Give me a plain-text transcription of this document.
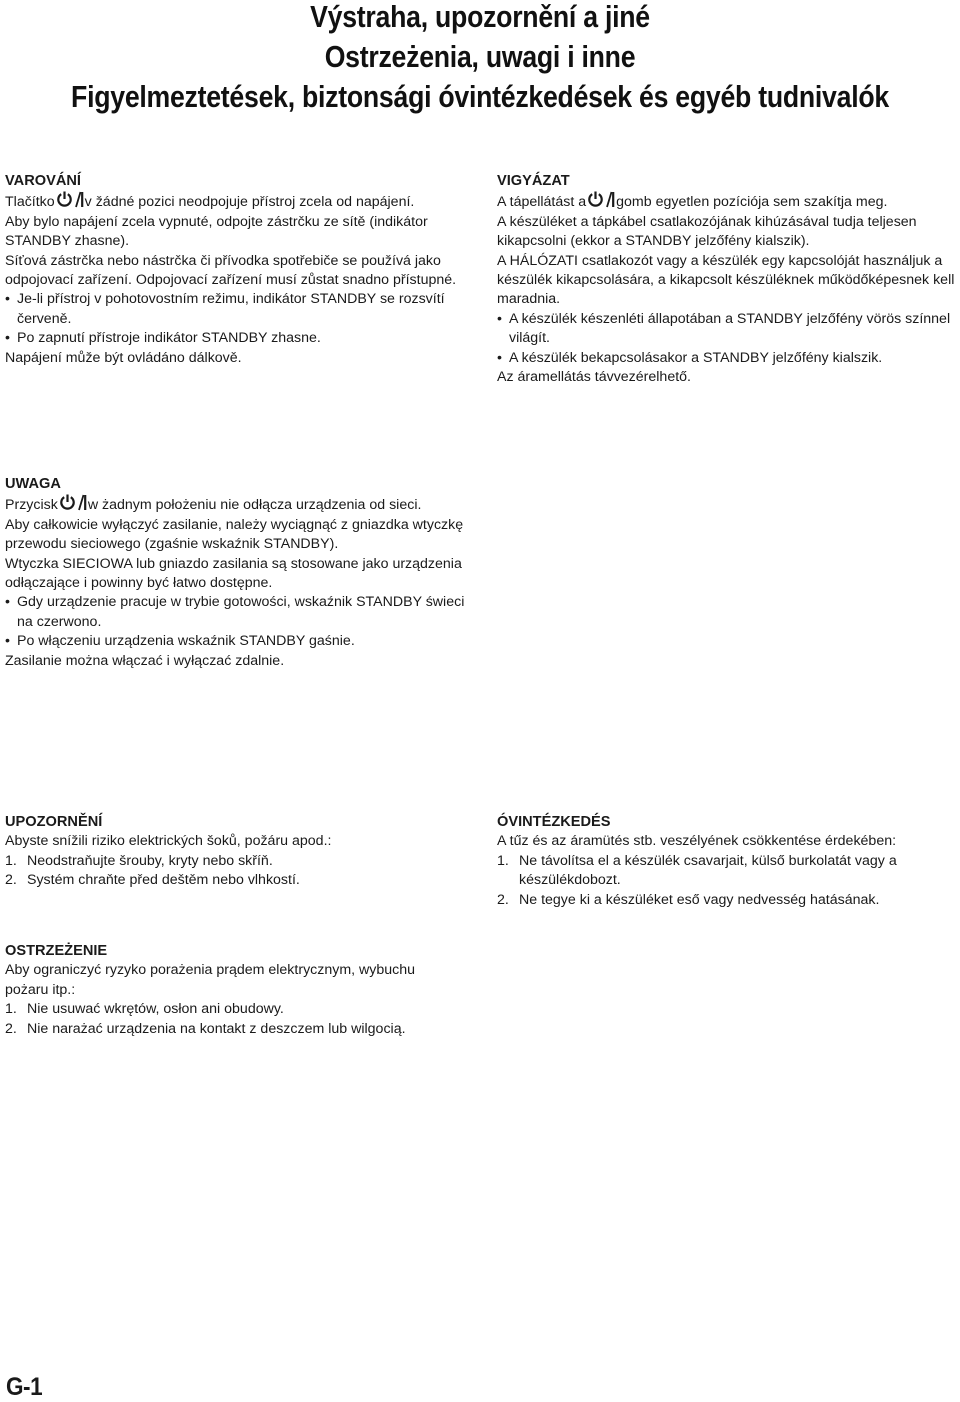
Výstraha, upozornění a jiné
Ostrzeżenia, uwagi i inne
Figyelmeztetések, biztonsági óvintézkedések és egyéb tudnivalók

VAROVÁNÍ

Tlačítko v žádné pozici neodpojuje přístroj zcela od napájení.

Aby bylo napájení zcela vypnuté, odpojte zástrčku ze sítě (indikátor STANDBY zhasne).

Síťová zástrčka nebo nástrčka či přívodka spotřebiče se používá jako odpojovací zařízení. Odpojovací zařízení musí zůstat snadno přístupné.

• Je-li přístroj v pohotovostním režimu, indikátor STANDBY se rozsvítí červeně.

• Po zapnutí přístroje indikátor STANDBY zhasne.

Napájení může být ovládáno dálkově.

VIGYÁZAT

A tápellátást a gomb egyetlen pozíciója sem szakítja meg.

A készüléket a tápkábel csatlakozójának kihúzásával tudja teljesen kikapcsolni (ekkor a STANDBY jelzőfény kialszik).

A HÁLÓZATI csatlakozót vagy a készülék egy kapcsolóját használjuk a készülék kikapcsolására, a kikapcsolt készüléknek működőképesnek kell maradnia.

• A készülék készenléti állapotában a STANDBY jelzőfény vörös színnel világít.

• A készülék bekapcsolásakor a STANDBY jelzőfény kialszik.

Az áramellátás távvezérelhető.

UWAGA

Przycisk w żadnym położeniu nie odłącza urządzenia od sieci.

Aby całkowicie wyłączyć zasilanie, należy wyciągnąć z gniazdka wtyczkę przewodu sieciowego (zgaśnie wskaźnik STANDBY).

Wtyczka SIECIOWA lub gniazdo zasilania są stosowane jako urządzenia odłączające i powinny być łatwo dostępne.

• Gdy urządzenie pracuje w trybie gotowości, wskaźnik STANDBY świeci na czerwono.

• Po włączeniu urządzenia wskaźnik STANDBY gaśnie.

Zasilanie można włączać i wyłączać zdalnie.

UPOZORNĚNÍ

Abyste snížili riziko elektrických šoků, požáru apod.:

1. Neodstraňujte šrouby, kryty nebo skříň.

2. Systém chraňte před deštěm nebo vlhkostí.

ÓVINTÉZKEDÉS

A tűz és az áramütés stb. veszélyének csökkentése érdekében:

1. Ne távolítsa el a készülék csavarjait, külső burkolatát vagy a készülékdobozt.

2. Ne tegye ki a készüléket eső vagy nedvesség hatásának.

OSTRZEŻENIE

Aby ograniczyć ryzyko porażenia prądem elektrycznym, wybuchu pożaru itp.:

1. Nie usuwać wkrętów, osłon ani obudowy.

2. Nie narażać urządzenia na kontakt z deszczem lub wilgocią.

G-1
